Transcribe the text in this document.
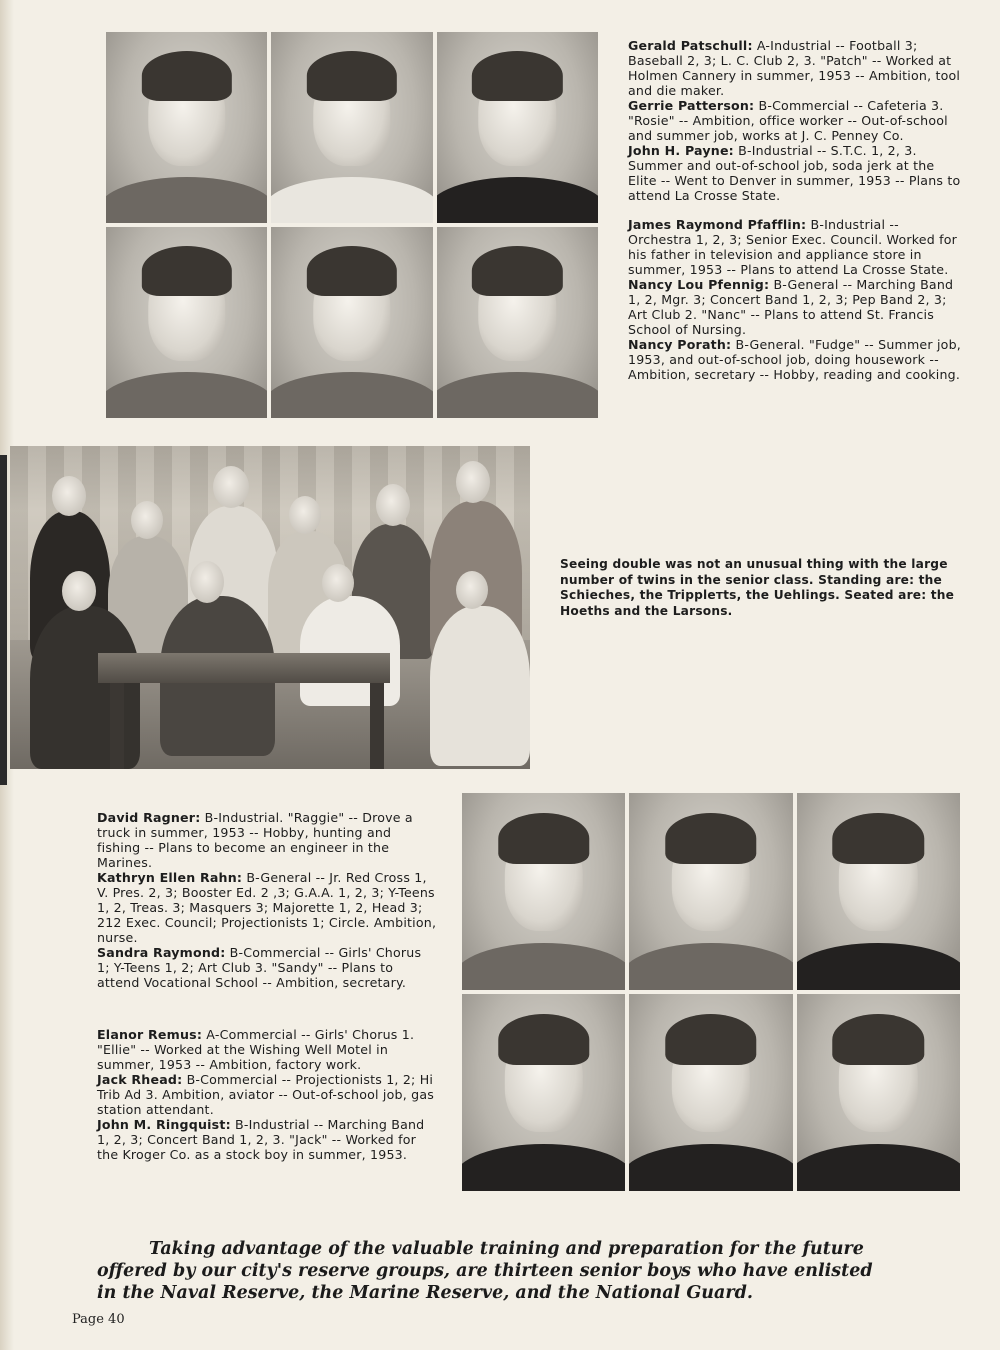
Gerald Patschull: A-Industrial -- Football 3; Baseball 2, 3; L. C. Club 2, 3. "Patch" -- Worked at Holmen Cannery in summer, 1953 -- Ambition, tool and die maker.

Gerrie Patterson: B-Commercial -- Cafeteria 3. "Rosie" -- Ambition, office worker -- Out-of-school and summer job, works at J. C. Penney Co.

John H. Payne: B-Industrial -- S.T.C. 1, 2, 3. Summer and out-of-school job, soda jerk at the Elite -- Went to Denver in summer, 1953 -- Plans to attend La Crosse State.

James Raymond Pfafflin: B-Industrial -- Orchestra 1, 2, 3; Senior Exec. Council. Worked for his father in television and appliance store in summer, 1953 -- Plans to attend La Crosse State.

Nancy Lou Pfennig: B-General -- Marching Band 1, 2, Mgr. 3; Concert Band 1, 2, 3; Pep Band 2, 3; Art Club 2. "Nanc" -- Plans to attend St. Francis School of Nursing.

Nancy Porath: B-General. "Fudge" -- Summer job, 1953, and out-of-school job, doing housework -- Ambition, secretary -- Hobby, reading and cooking.

Seeing double was not an unusual thing with the large number of twins in the senior class. Standing are: the Schieches, the Tripplетts, the Uehlings. Seated are: the Hoeths and the Larsons.

David Ragner: B-Industrial. "Raggie" -- Drove a truck in summer, 1953 -- Hobby, hunting and fishing -- Plans to become an engineer in the Marines.

Kathryn Ellen Rahn: B-General -- Jr. Red Cross 1, V. Pres. 2, 3; Booster Ed. 2 ,3; G.A.A. 1, 2, 3; Y-Teens 1, 2, Treas. 3; Masquers 3; Majorette 1, 2, Head 3; 212 Exec. Council; Projectionists 1; Circle. Ambition, nurse.

Sandra Raymond: B-Commercial -- Girls' Chorus 1; Y-Teens 1, 2; Art Club 3. "Sandy" -- Plans to attend Vocational School -- Ambition, secretary.

Elanor Remus: A-Commercial -- Girls' Chorus 1. "Ellie" -- Worked at the Wishing Well Motel in summer, 1953 -- Ambition, factory work.

Jack Rhead: B-Commercial -- Projectionists 1, 2; Hi Trib Ad 3. Ambition, aviator -- Out-of-school job, gas station attendant.

John M. Ringquist: B-Industrial -- Marching Band 1, 2, 3; Concert Band 1, 2, 3. "Jack" -- Worked for the Kroger Co. as a stock boy in summer, 1953.

Taking advantage of the valuable training and preparation for the future
offered by our city's reserve groups, are thirteen senior boys who have enlisted
in the Naval Reserve, the Marine Reserve, and the National Guard.
Page 40
